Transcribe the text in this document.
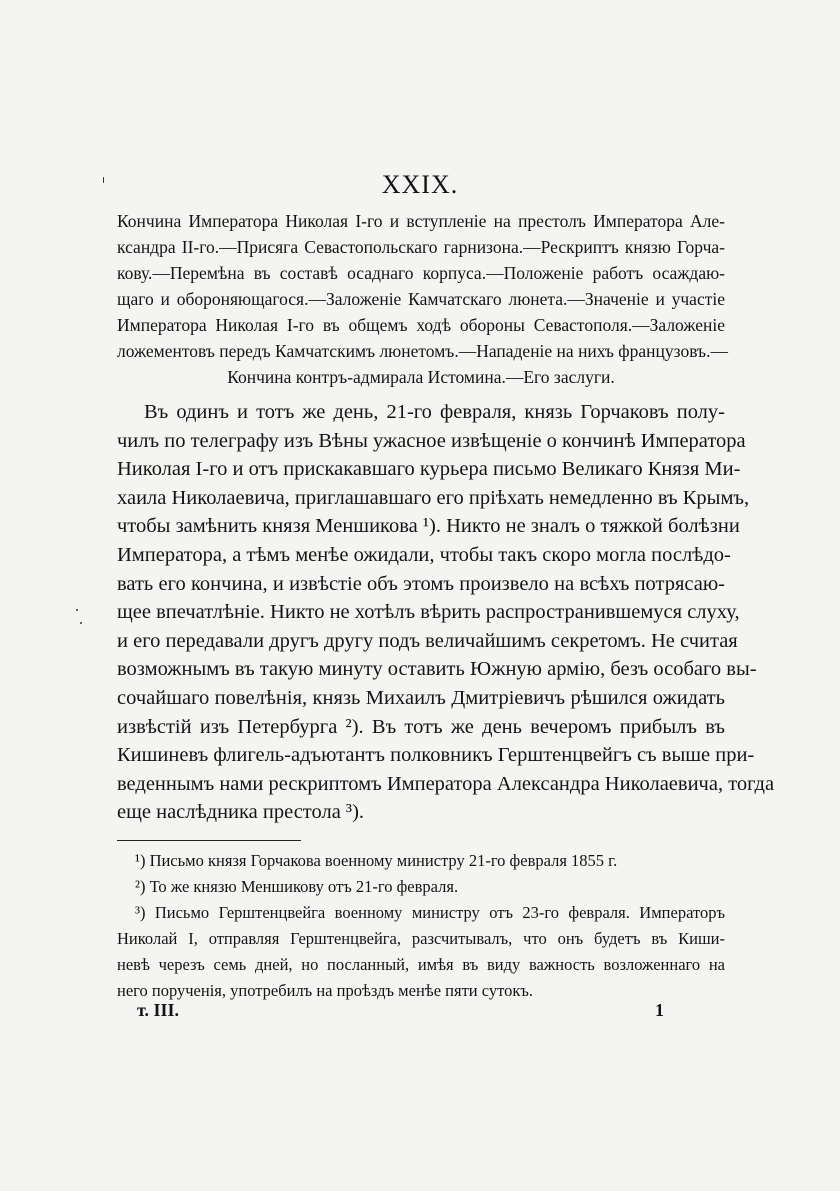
XXIX.
Кончина Императора Николая I-го и вступленіе на престолъ Императора Але-
ксандра II-го.—Присяга Севастопольскаго гарнизона.—Рескриптъ князю Горча-
кову.—Перемѣна въ составѣ осаднаго корпуса.—Положеніе работъ осаждаю-
щаго и обороняющагося.—Заложеніе Камчатскаго люнета.—Значеніе и участіе
Императора Николая I-го въ общемъ ходѣ обороны Севастополя.—Заложеніе
ложементовъ передъ Камчатскимъ люнетомъ.—Нападеніе на нихъ французовъ.—
Кончина контръ-адмирала Истомина.—Его заслуги.
Въ одинъ и тотъ же день, 21-го февраля, князь Горчаковъ полу-
чилъ по телеграфу изъ Вѣны ужасное извѣщеніе о кончинѣ Императора
Николая I-го и отъ прискакавшаго курьера письмо Великаго Князя Ми-
хаила Николаевича, приглашавшаго его пріѣхать немедленно въ Крымъ,
чтобы замѣнить князя Меншикова ¹). Никто не зналъ о тяжкой болѣзни
Императора, а тѣмъ менѣе ожидали, чтобы такъ скоро могла послѣдо-
вать его кончина, и извѣстіе объ этомъ произвело на всѣхъ потрясаю-
щее впечатлѣніе. Никто не хотѣлъ вѣрить распространившемуся слуху,
и его передавали другъ другу подъ величайшимъ секретомъ. Не считая
возможнымъ въ такую минуту оставить Южную армію, безъ особаго вы-
сочайшаго повелѣнія, князь Михаилъ Дмитріевичъ рѣшился ожидать
извѣстій изъ Петербурга ²). Въ тотъ же день вечеромъ прибылъ въ
Кишиневъ флигель-адъютантъ полковникъ Герштенцвейгъ съ выше при-
веденнымъ нами рескриптомъ Императора Александра Николаевича, тогда
еще наслѣдника престола ³).
¹) Письмо князя Горчакова военному министру 21-го февраля 1855 г.
²) То же князю Меншикову отъ 21-го февраля.
³) Письмо Герштенцвейга военному министру отъ 23-го февраля. Императоръ
Николай I, отправляя Герштенцвейга, разсчитывалъ, что онъ будетъ въ Киши-
невѣ черезъ семь дней, но посланный, имѣя въ виду важность возложеннаго на
него порученія, употребилъ на проѣздъ менѣе пяти сутокъ.
т. III.	1
